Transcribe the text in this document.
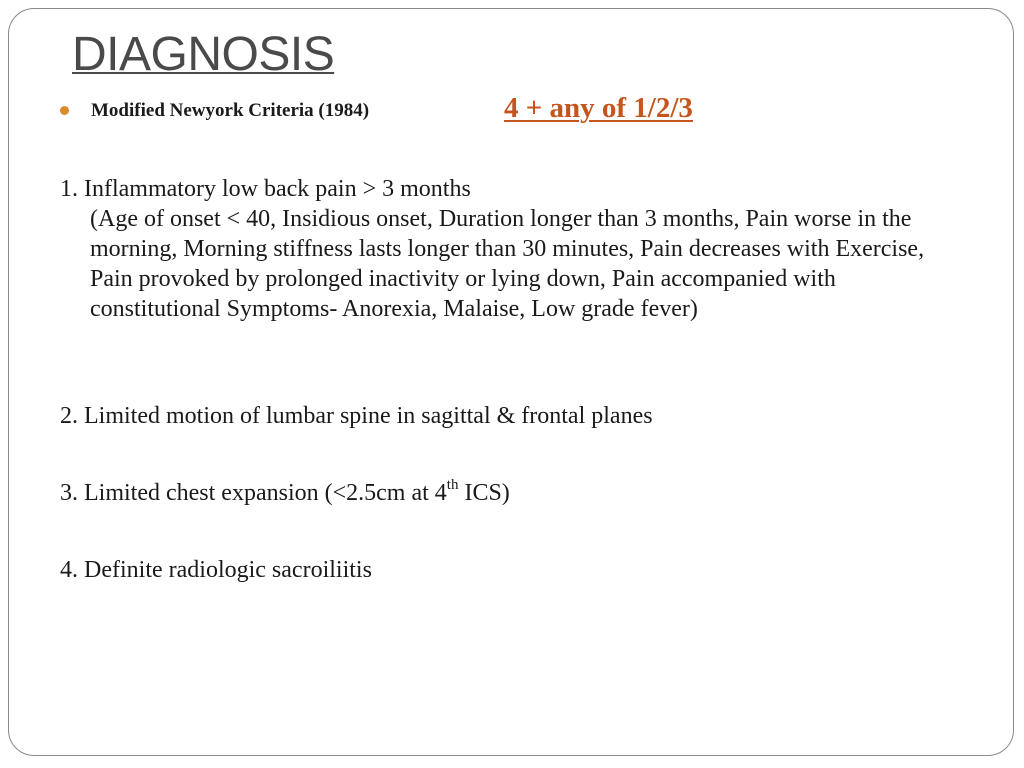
DIAGNOSIS
Modified Newyork Criteria (1984)	4 + any of 1/2/3
1. Inflammatory low back pain > 3 months
(Age of onset < 40, Insidious onset, Duration longer than 3 months, Pain worse in the morning, Morning stiffness lasts longer than 30 minutes, Pain decreases with Exercise, Pain provoked by prolonged inactivity or lying down, Pain accompanied with constitutional Symptoms- Anorexia, Malaise, Low grade fever)
2. Limited motion of lumbar spine in sagittal & frontal planes
3. Limited chest expansion (<2.5cm at 4th ICS)
4. Definite radiologic sacroiliitis
